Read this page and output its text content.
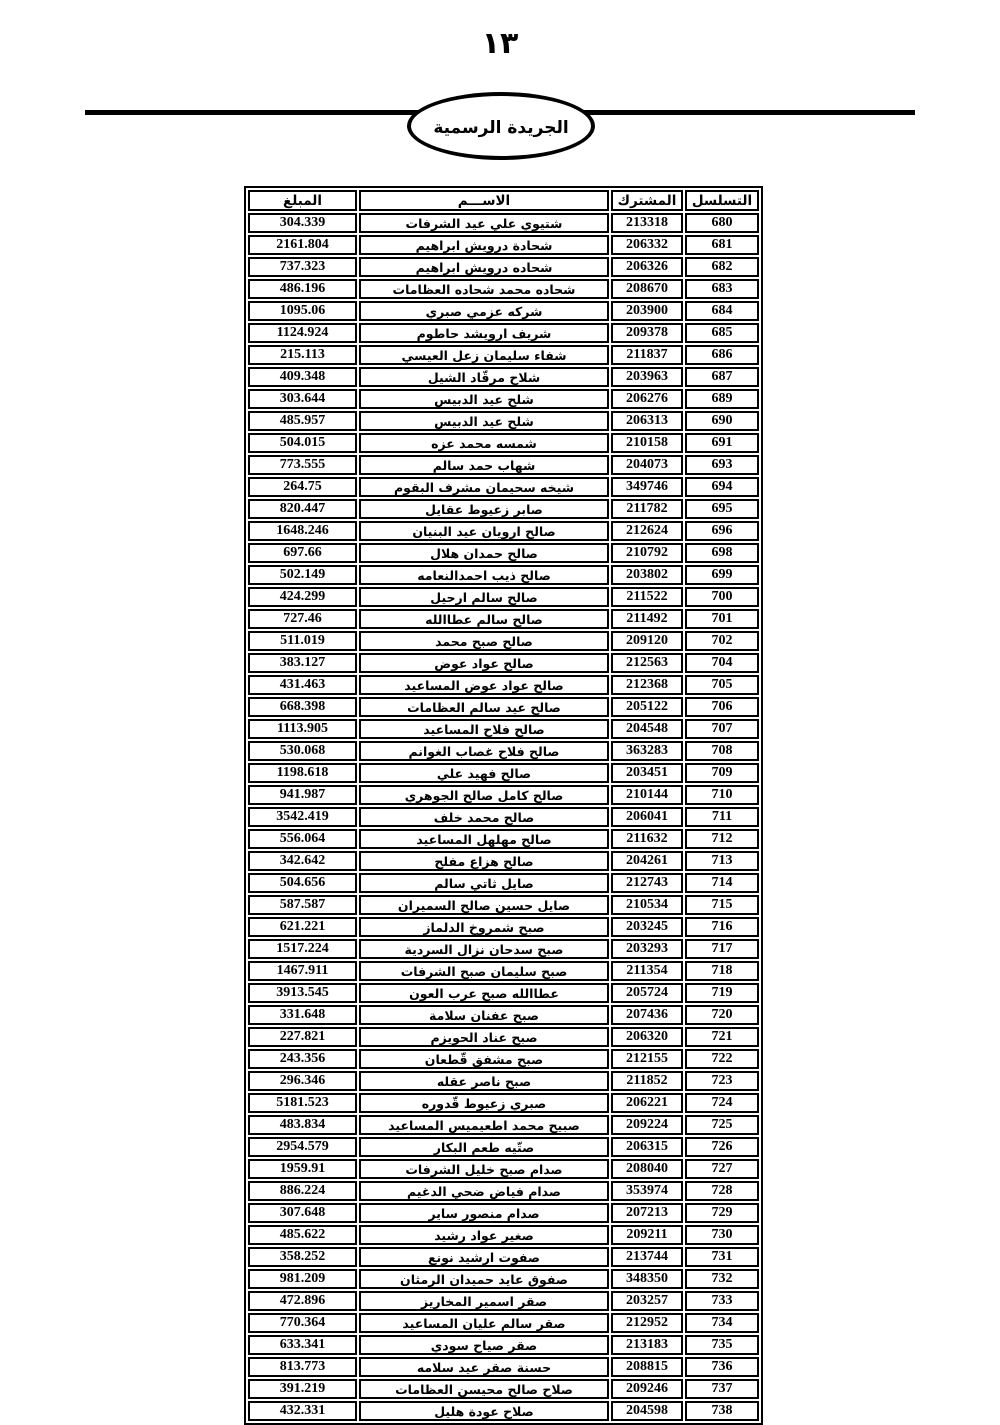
١٣
الجريدة الرسمية
التسلسل	المشترك	الاســـم	المبلغ
680	213318	شتيوي علي عيد الشرفات	304.339
681	206332	شحادة درويش ابراهيم	2161.804
682	206326	شحاده درويش ابراهيم	737.323
683	208670	شحاده محمد شحاده العظامات	486.196
684	203900	شركه عزمي صبري	1095.06
685	209378	شريف ارويشد حاطوم	1124.924
686	211837	شفاء سليمان زعل العيسي	215.113
687	203963	شلاح مرقّاد الشيل	409.348
689	206276	شلح عيد الدبيس	303.644
690	206313	شلح عيد الدبيس	485.957
691	210158	شمسه محمد عزه	504.015
693	204073	شهاب حمد سالم	773.555
694	349746	شيخه سحيمان مشرف البقوم	264.75
695	211782	صابر زعيوط عقايل	820.447
696	212624	صالح ارويان عيد البنيان	1648.246
698	210792	صالح حمدان هلال	697.66
699	203802	صالح ذيب احمدالنعامه	502.149
700	211522	صالح سالم ارحيل	424.299
701	211492	صالح سالم عطاالله	727.46
702	209120	صالح صبح محمد	511.019
704	212563	صالح عواد عوض	383.127
705	212368	صالح عواد عوض المساعيد	431.463
706	205122	صالح عيد سالم العظامات	668.398
707	204548	صالح فلاح المساعيد	1113.905
708	363283	صالح فلاح غصاب الغوانم	530.068
709	203451	صالح فهيد علي	1198.618
710	210144	صالح كامل صالح الجوهري	941.987
711	206041	صالح محمد خلف	3542.419
712	211632	صالح مهلهل المساعيد	556.064
713	204261	صالح هزاع مفلح	342.642
714	212743	صايل ثاتي سالم	504.656
715	210534	صايل حسين صالح السميران	587.587
716	203245	صبح شمروخ الدلماز	621.221
717	203293	صبح سدحان نزال السردية	1517.224
718	211354	صبح سليمان صبح الشرفات	1467.911
719	205724	عطاالله صبح عرب العون	3913.545
720	207436	صبح عفنان سلامة	331.648
721	206320	صبح عناد الحويزم	227.821
722	212155	صبح مشفق قّطعان	243.356
723	211852	صبح ناصر عقله	296.346
724	206221	صبري زعيوط قّدوره	5181.523
725	209224	صبيح محمد اطعيميس المساعيد	483.834
726	206315	صتّيه طعم البكار	2954.579
727	208040	صدام صبح خليل الشرفات	1959.91
728	353974	صدام فياض ضحي الدغيم	886.224
729	207213	صدام منصور ساير	307.648
730	209211	صغير عواد رشيد	485.622
731	213744	صفوت ارشيد نونع	358.252
732	348350	صفوق عايد حميدان الرمثان	981.209
733	203257	صقر اسمير المخاريز	472.896
734	212952	صقر سالم عليان المساعيد	770.364
735	213183	صقر صياح سودي	633.341
736	208815	حسنة صقر عيد سلامه	813.773
737	209246	صلاح صالح محيسن العظامات	391.219
738	204598	صلاح عودة هليل	432.331
